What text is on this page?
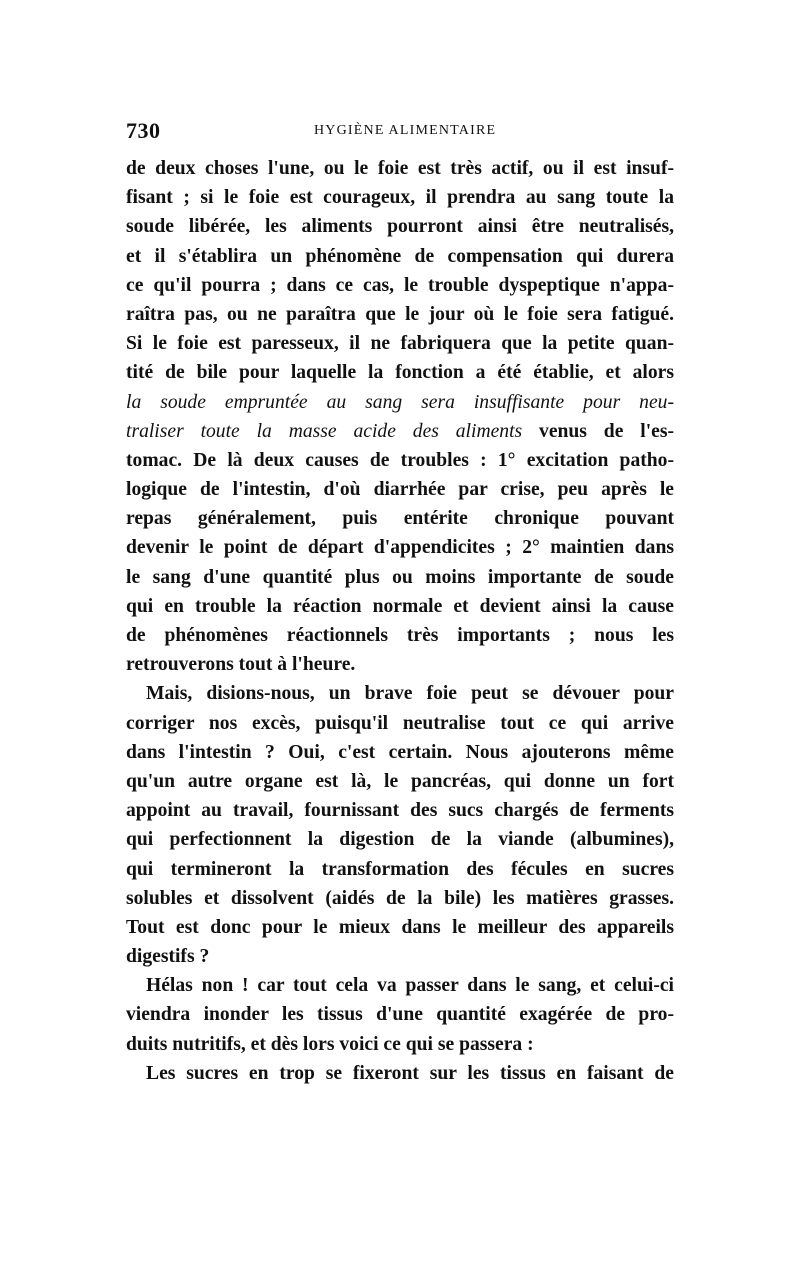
730	HYGIÈNE ALIMENTAIRE
de deux choses l'une, ou le foie est très actif, ou il est insuf-
fisant ; si le foie est courageux, il prendra au sang toute la
soude libérée, les aliments pourront ainsi être neutralisés,
et il s'établira un phénomène de compensation qui durera
ce qu'il pourra ; dans ce cas, le trouble dyspeptique n'appa-
raîtra pas, ou ne paraîtra que le jour où le foie sera fatigué.
Si le foie est paresseux, il ne fabriquera que la petite quan-
tité de bile pour laquelle la fonction a été établie, et alors
la soude empruntée au sang sera insuffisante pour neu-
traliser toute la masse acide des aliments venus de l'es-
tomac. De là deux causes de troubles : 1° excitation patho-
logique de l'intestin, d'où diarrhée par crise, peu après le
repas généralement, puis entérite chronique pouvant
devenir le point de départ d'appendicites ; 2° maintien dans
le sang d'une quantité plus ou moins importante de soude
qui en trouble la réaction normale et devient ainsi la cause
de phénomènes réactionnels très importants ; nous les
retrouverons tout à l'heure.
Mais, disions-nous, un brave foie peut se dévouer pour
corriger nos excès, puisqu'il neutralise tout ce qui arrive
dans l'intestin ? Oui, c'est certain. Nous ajouterons même
qu'un autre organe est là, le pancréas, qui donne un fort
appoint au travail, fournissant des sucs chargés de ferments
qui perfectionnent la digestion de la viande (albumines),
qui termineront la transformation des fécules en sucres
solubles et dissolvent (aidés de la bile) les matières grasses.
Tout est donc pour le mieux dans le meilleur des appareils
digestifs ?
Hélas non ! car tout cela va passer dans le sang, et celui-ci
viendra inonder les tissus d'une quantité exagérée de pro-
duits nutritifs, et dès lors voici ce qui se passera :
Les sucres en trop se fixeront sur les tissus en faisant de
